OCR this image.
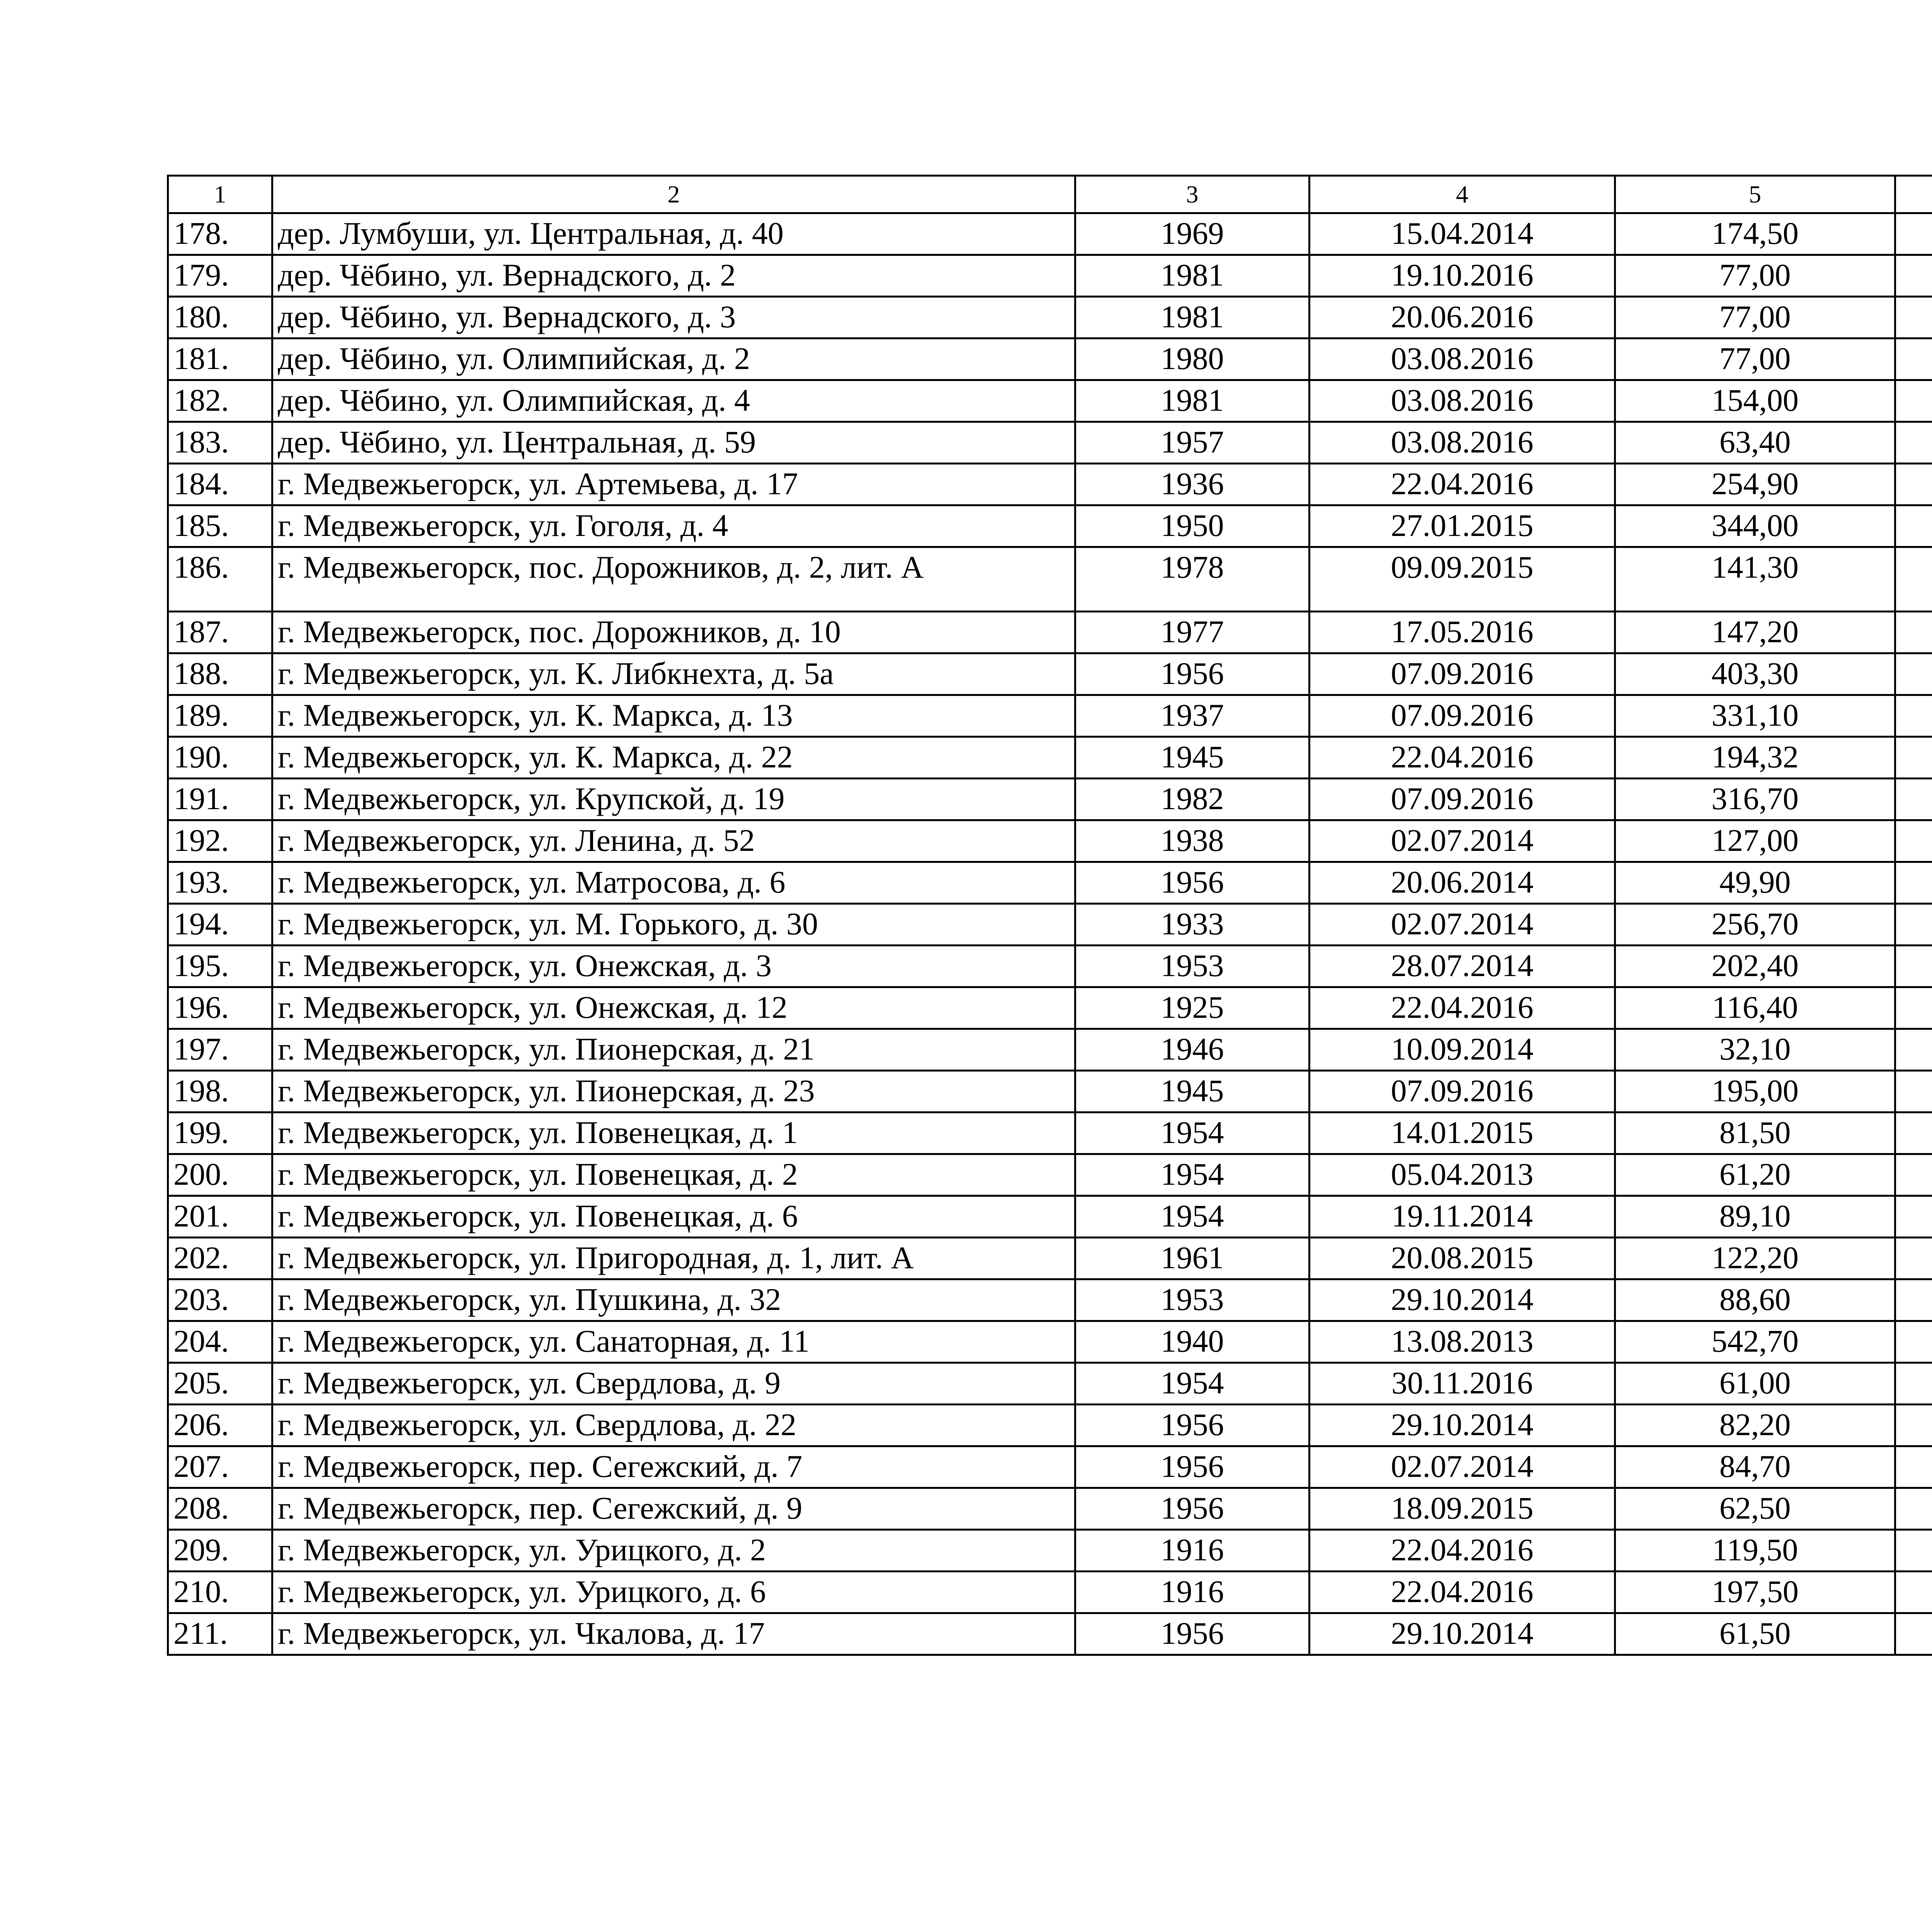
1	2	3	4	5		
178.	дер. Лумбуши, ул. Центральная, д. 40	1969	15.04.2014	174,50		
179.	дер. Чёбино, ул. Вернадского, д. 2	1981	19.10.2016	77,00		
180.	дер. Чёбино, ул. Вернадского, д. 3	1981	20.06.2016	77,00		
181.	дер. Чёбино, ул. Олимпийская, д. 2	1980	03.08.2016	77,00		
182.	дер. Чёбино, ул. Олимпийская, д. 4	1981	03.08.2016	154,00		
183.	дер. Чёбино, ул. Центральная, д. 59	1957	03.08.2016	63,40		
184.	г. Медвежьегорск, ул. Артемьева, д. 17	1936	22.04.2016	254,90		
185.	г. Медвежьегорск, ул. Гоголя, д. 4	1950	27.01.2015	344,00		
186.	г. Медвежьегорск, пос. Дорожников, д. 2, лит. А	1978	09.09.2015	141,30		
187.	г. Медвежьегорск, пос. Дорожников, д. 10	1977	17.05.2016	147,20		
188.	г. Медвежьегорск, ул. К. Либкнехта, д. 5а	1956	07.09.2016	403,30		
189.	г. Медвежьегорск, ул. К. Маркса, д. 13	1937	07.09.2016	331,10		
190.	г. Медвежьегорск, ул. К. Маркса, д. 22	1945	22.04.2016	194,32		
191.	г. Медвежьегорск, ул. Крупской, д. 19	1982	07.09.2016	316,70		
192.	г. Медвежьегорск, ул. Ленина, д. 52	1938	02.07.2014	127,00		
193.	г. Медвежьегорск, ул. Матросова, д. 6	1956	20.06.2014	49,90		
194.	г. Медвежьегорск, ул. М. Горького, д. 30	1933	02.07.2014	256,70		
195.	г. Медвежьегорск, ул. Онежская, д. 3	1953	28.07.2014	202,40		
196.	г. Медвежьегорск, ул. Онежская, д. 12	1925	22.04.2016	116,40		
197.	г. Медвежьегорск, ул. Пионерская, д. 21	1946	10.09.2014	32,10		
198.	г. Медвежьегорск, ул. Пионерская, д. 23	1945	07.09.2016	195,00		
199.	г. Медвежьегорск, ул. Повенецкая, д. 1	1954	14.01.2015	81,50		
200.	г. Медвежьегорск, ул. Повенецкая, д. 2	1954	05.04.2013	61,20		
201.	г. Медвежьегорск, ул. Повенецкая, д. 6	1954	19.11.2014	89,10		
202.	г. Медвежьегорск, ул. Пригородная, д. 1, лит. А	1961	20.08.2015	122,20		
203.	г. Медвежьегорск, ул. Пушкина, д. 32	1953	29.10.2014	88,60		
204.	г. Медвежьегорск, ул. Санаторная, д. 11	1940	13.08.2013	542,70		
205.	г. Медвежьегорск, ул. Свердлова, д. 9	1954	30.11.2016	61,00		
206.	г. Медвежьегорск, ул. Свердлова, д. 22	1956	29.10.2014	82,20		
207.	г. Медвежьегорск, пер. Сегежский, д. 7	1956	02.07.2014	84,70		
208.	г. Медвежьегорск, пер. Сегежский, д. 9	1956	18.09.2015	62,50		
209.	г. Медвежьегорск, ул. Урицкого, д. 2	1916	22.04.2016	119,50		
210.	г. Медвежьегорск, ул. Урицкого, д. 6	1916	22.04.2016	197,50		
211.	г. Медвежьегорск, ул. Чкалова, д. 17	1956	29.10.2014	61,50		
